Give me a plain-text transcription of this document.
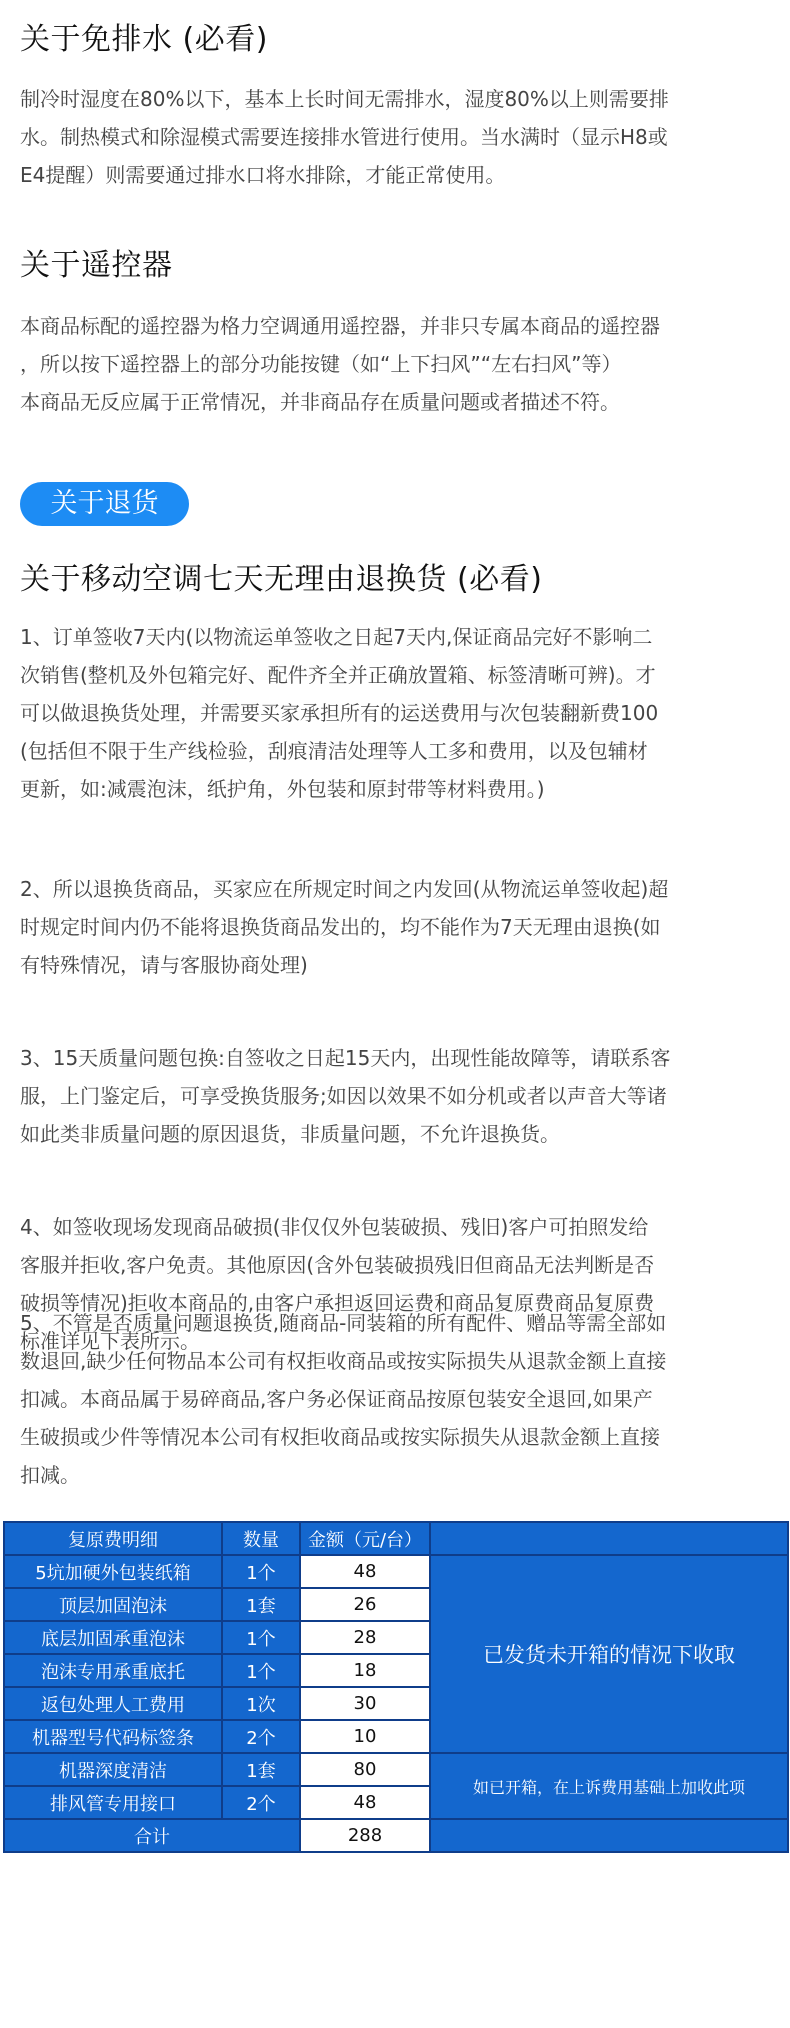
关于免排水 (必看)
制冷时湿度在80%以下，基本上长时间无需排水，湿度80%以上则需要排
水。制热模式和除湿模式需要连接排水管进行使用。当水满时（显示H8或
E4提醒）则需要通过排水口将水排除，才能正常使用。
关于遥控器
本商品标配的遥控器为格力空调通用遥控器，并非只专属本商品的遥控器
，所以按下遥控器上的部分功能按键（如“上下扫风”“左右扫风”等）
本商品无反应属于正常情况，并非商品存在质量问题或者描述不符。
关于退货
关于移动空调七天无理由退换货 (必看)
1、订单签收7天内(以物流运单签收之日起7天内,保证商品完好不影响二
次销售(整机及外包箱完好、配件齐全并正确放置箱、标签清晰可辨)。才
可以做退换货处理，并需要买家承担所有的运送费用与次包装翻新费100
(包括但不限于生产线检验，刮痕清洁处理等人工多和费用，以及包辅材
更新，如:减震泡沫，纸护角，外包装和原封带等材料费用。)
2、所以退换货商品，买家应在所规定时间之内发回(从物流运单签收起)超
时规定时间内仍不能将退换货商品发出的，均不能作为7天无理由退换(如
有特殊情况，请与客服协商处理)
3、15天质量问题包换:自签收之日起15天内，出现性能故障等，请联系客
服，上门鉴定后，可享受换货服务;如因以效果不如分机或者以声音大等诸
如此类非质量问题的原因退货，非质量问题，不允许退换货。
4、如签收现场发现商品破损(非仅仅外包装破损、残旧)客户可拍照发给
客服并拒收,客户免责。其他原因(含外包装破损残旧但商品无法判断是否
破损等情况)拒收本商品的,由客户承担返回运费和商品复原费商品复原费
标准详见下表所示。
5、不管是否质量问题退换货,随商品-同装箱的所有配件、赠品等需全部如
数退回,缺少任何物品本公司有权拒收商品或按实际损失从退款金额上直接
扣减。本商品属于易碎商品,客户务必保证商品按原包装安全退回,如果产
生破损或少件等情况本公司有权拒收商品或按实际损失从退款金额上直接
扣减。
复原费明细	数量	金额（元/台）	
5坑加硬外包装纸箱	1个	48	已发货未开箱的情况下收取
顶层加固泡沫	1套	26	
底层加固承重泡沫	1个	28	
泡沫专用承重底托	1个	18	
返包处理人工费用	1次	30	
机器型号代码标签条	2个	10	
机器深度清洁	1套	80	如已开箱，在上诉费用基础上加收此项
排风管专用接口	2个	48	
合计		288	
